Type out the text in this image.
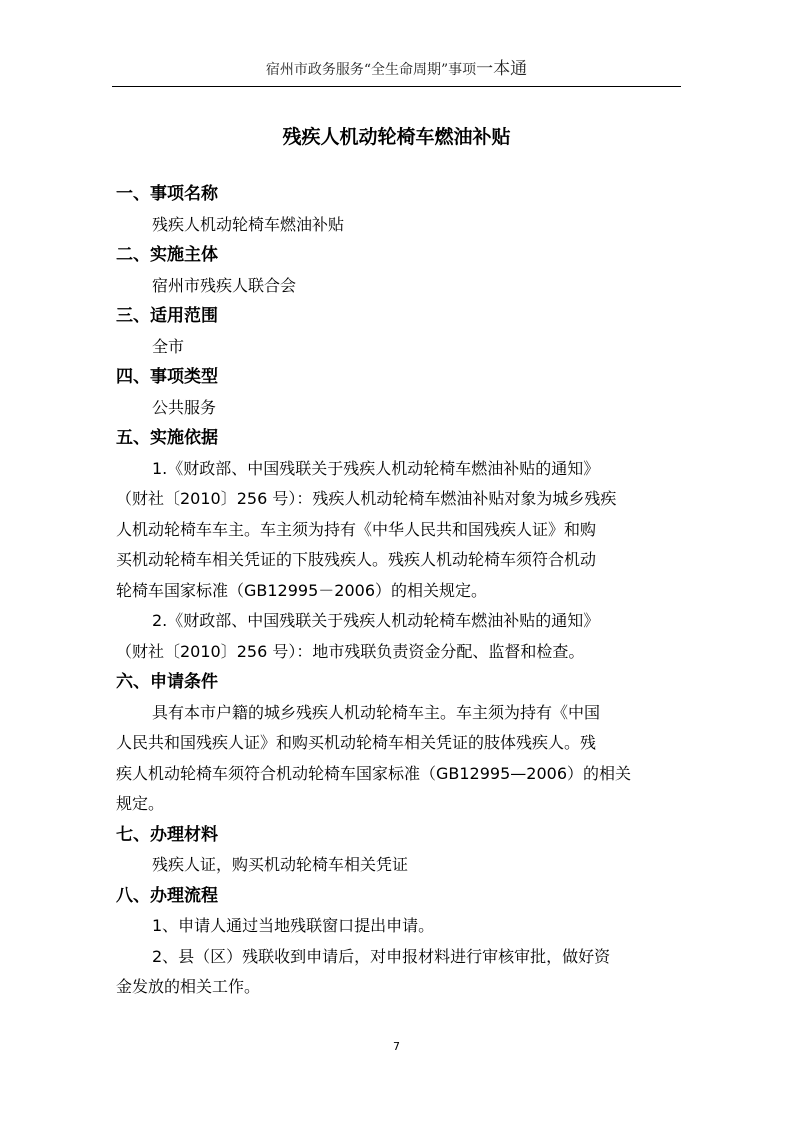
宿州市政务服务“全生命周期”事项一本通
残疾人机动轮椅车燃油补贴
一、事项名称
残疾人机动轮椅车燃油补贴
二、实施主体
宿州市残疾人联合会
三、适用范围
全市
四、事项类型
公共服务
五、实施依据
1.《财政部、中国残联关于残疾人机动轮椅车燃油补贴的通知》
（财社〔2010〕256 号）：残疾人机动轮椅车燃油补贴对象为城乡残疾
人机动轮椅车车主。车主须为持有《中华人民共和国残疾人证》和购
买机动轮椅车相关凭证的下肢残疾人。残疾人机动轮椅车须符合机动
轮椅车国家标准（GB12995－2006）的相关规定。
2.《财政部、中国残联关于残疾人机动轮椅车燃油补贴的通知》
（财社〔2010〕256 号）：地市残联负责资金分配、监督和检查。
六、申请条件
具有本市户籍的城乡残疾人机动轮椅车主。车主须为持有《中国
人民共和国残疾人证》和购买机动轮椅车相关凭证的肢体残疾人。残
疾人机动轮椅车须符合机动轮椅车国家标准（GB12995—2006）的相关
规定。
七、办理材料
残疾人证，购买机动轮椅车相关凭证
八、办理流程
1、申请人通过当地残联窗口提出申请。
2、县（区）残联收到申请后，对申报材料进行审核审批，做好资
金发放的相关工作。
7
